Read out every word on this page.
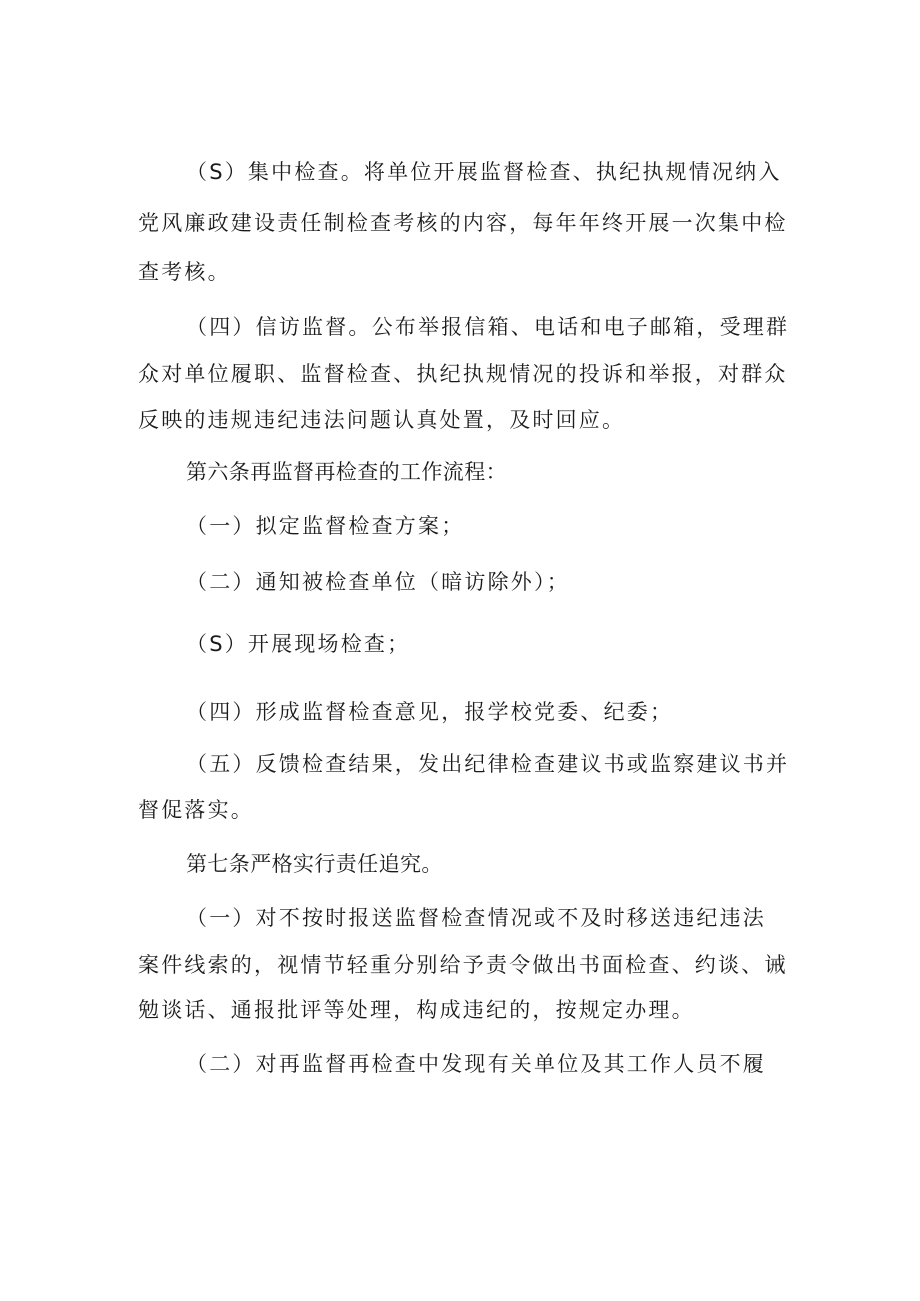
（S）集中检查。将单位开展监督检查、执纪执规情况纳入
党风廉政建设责任制检查考核的内容，每年年终开展一次集中检
查考核。
（四）信访监督。公布举报信箱、电话和电子邮箱，受理群
众对单位履职、监督检查、执纪执规情况的投诉和举报，对群众
反映的违规违纪违法问题认真处置，及时回应。
第六条再监督再检查的工作流程：
（一）拟定监督检查方案；
（二）通知被检查单位（暗访除外）；
（S）开展现场检查；
（四）形成监督检查意见，报学校党委、纪委；
（五）反馈检查结果，发出纪律检查建议书或监察建议书并
督促落实。
第七条严格实行责任追究。
（一）对不按时报送监督检查情况或不及时移送违纪违法
案件线索的，视情节轻重分别给予责令做出书面检查、约谈、诫
勉谈话、通报批评等处理，构成违纪的，按规定办理。
（二）对再监督再检查中发现有关单位及其工作人员不履
